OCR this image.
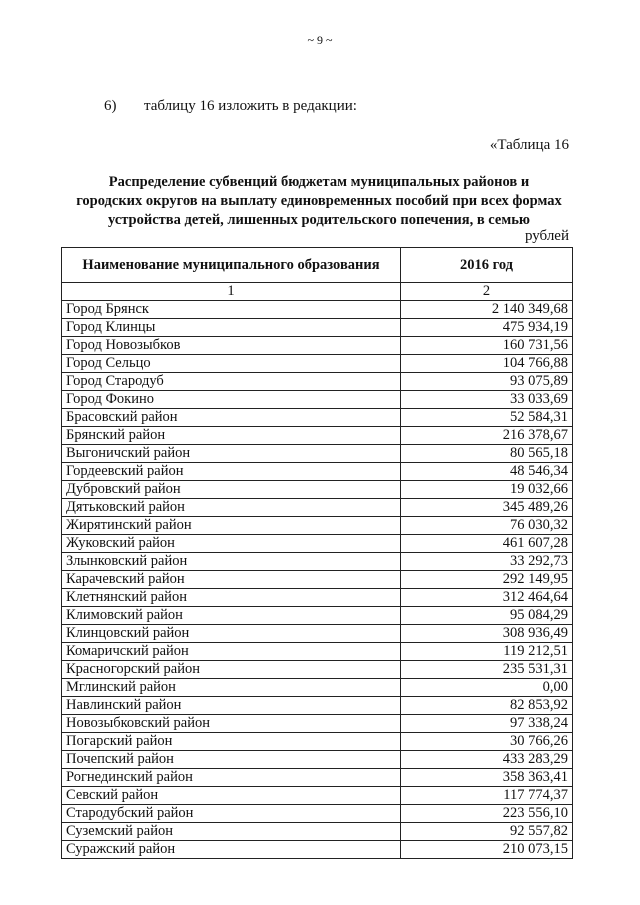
~ 9 ~
6) таблицу 16 изложить в редакции:
«Таблица 16
Распределение субвенций бюджетам муниципальных районов и
городских округов на выплату единовременных пособий при всех формах
устройства детей, лишенных родительского попечения, в семью
рублей
Наименование муниципального образования	2016 год
1	2
Город Брянск	2 140 349,68
Город Клинцы	475 934,19
Город Новозыбков	160 731,56
Город Сельцо	104 766,88
Город Стародуб	93 075,89
Город Фокино	33 033,69
Брасовский район	52 584,31
Брянский район	216 378,67
Выгоничский район	80 565,18
Гордеевский район	48 546,34
Дубровский район	19 032,66
Дятьковский район	345 489,26
Жирятинский район	76 030,32
Жуковский район	461 607,28
Злынковский район	33 292,73
Карачевский район	292 149,95
Клетнянский район	312 464,64
Климовский район	95 084,29
Клинцовский район	308 936,49
Комаричский район	119 212,51
Красногорский район	235 531,31
Мглинский район	0,00
Навлинский район	82 853,92
Новозыбковский район	97 338,24
Погарский район	30 766,26
Почепский район	433 283,29
Рогнединский район	358 363,41
Севский район	117 774,37
Стародубский район	223 556,10
Суземский район	92 557,82
Суражский район	210 073,15
